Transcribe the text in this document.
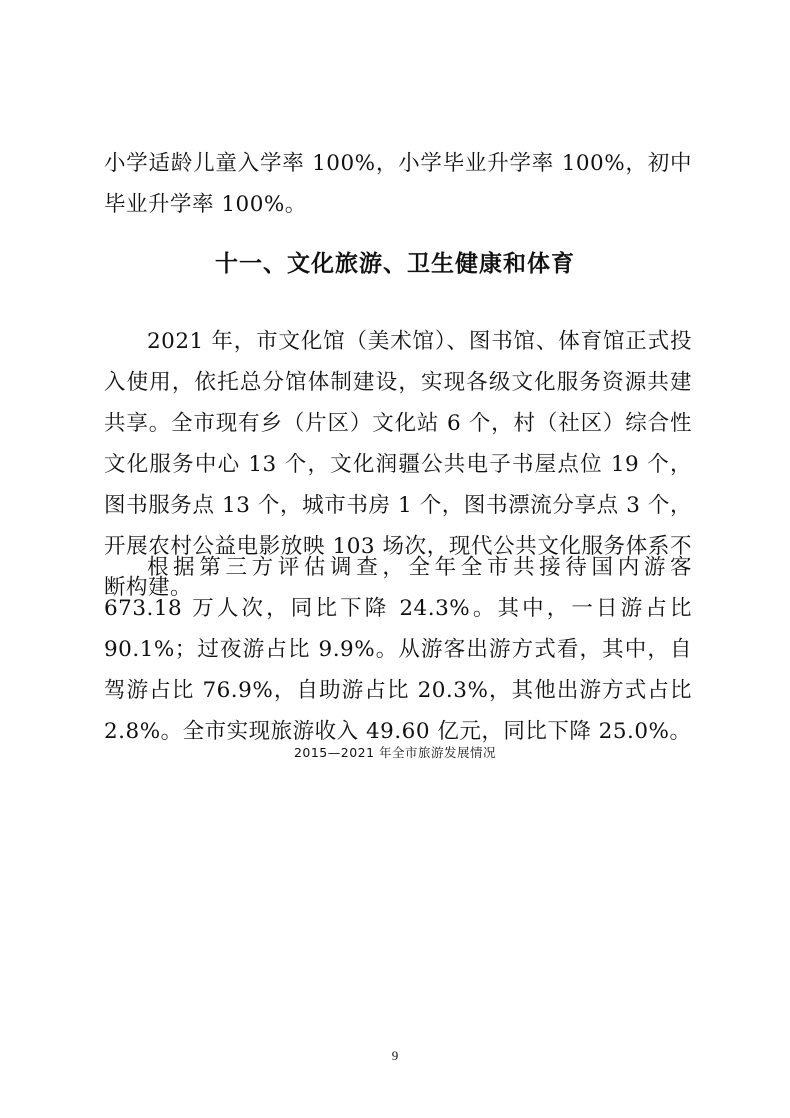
小学适龄儿童入学率 100%，小学毕业升学率 100%，初中毕业升学率 100%。

十一、文化旅游、卫生健康和体育

2021 年，市文化馆（美术馆）、图书馆、体育馆正式投入使用，依托总分馆体制建设，实现各级文化服务资源共建共享。全市现有乡（片区）文化站 6 个，村（社区）综合性文化服务中心 13 个，文化润疆公共电子书屋点位 19 个，图书服务点 13 个，城市书房 1 个，图书漂流分享点 3 个，开展农村公益电影放映 103 场次，现代公共文化服务体系不断构建。

根据第三方评估调查，全年全市共接待国内游客 673.18 万人次，同比下降 24.3%。其中，一日游占比 90.1%；过夜游占比 9.9%。从游客出游方式看，其中，自驾游占比 76.9%，自助游占比 20.3%，其他出游方式占比 2.8%。全市实现旅游收入 49.60 亿元，同比下降 25.0%。

2015—2021 年全市旅游发展情况

9
